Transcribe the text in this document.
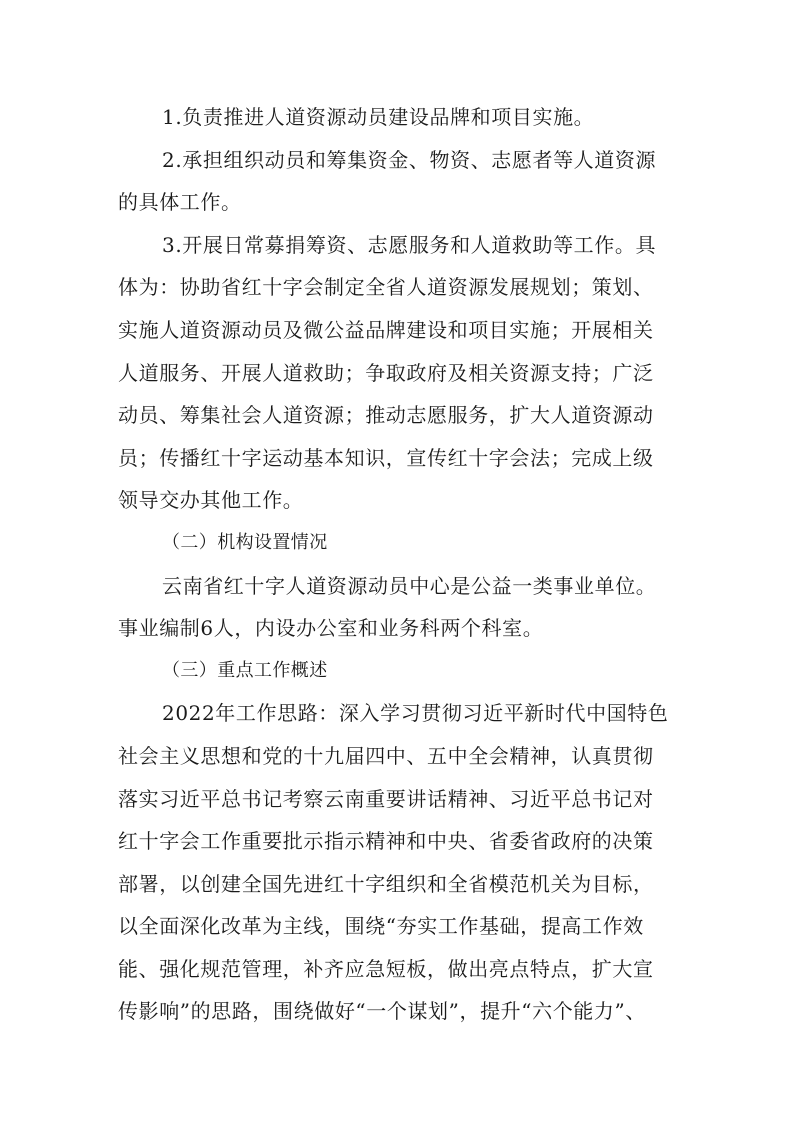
1.负责推进人道资源动员建设品牌和项目实施。
2.承担组织动员和筹集资金、物资、志愿者等人道资源
的具体工作。
3.开展日常募捐筹资、志愿服务和人道救助等工作。具
体为：协助省红十字会制定全省人道资源发展规划；策划、
实施人道资源动员及微公益品牌建设和项目实施；开展相关
人道服务、开展人道救助；争取政府及相关资源支持；广泛
动员、筹集社会人道资源；推动志愿服务，扩大人道资源动
员；传播红十字运动基本知识，宣传红十字会法；完成上级
领导交办其他工作。
（二）机构设置情况
云南省红十字人道资源动员中心是公益一类事业单位。
事业编制6人，内设办公室和业务科两个科室。
（三）重点工作概述
2022年工作思路：深入学习贯彻习近平新时代中国特色
社会主义思想和党的十九届四中、五中全会精神，认真贯彻
落实习近平总书记考察云南重要讲话精神、习近平总书记对
红十字会工作重要批示指示精神和中央、省委省政府的决策
部署，以创建全国先进红十字组织和全省模范机关为目标，
以全面深化改革为主线，围绕“夯实工作基础，提高工作效
能、强化规范管理，补齐应急短板，做出亮点特点，扩大宣
传影响”的思路，围绕做好“一个谋划”，提升“六个能力”、
